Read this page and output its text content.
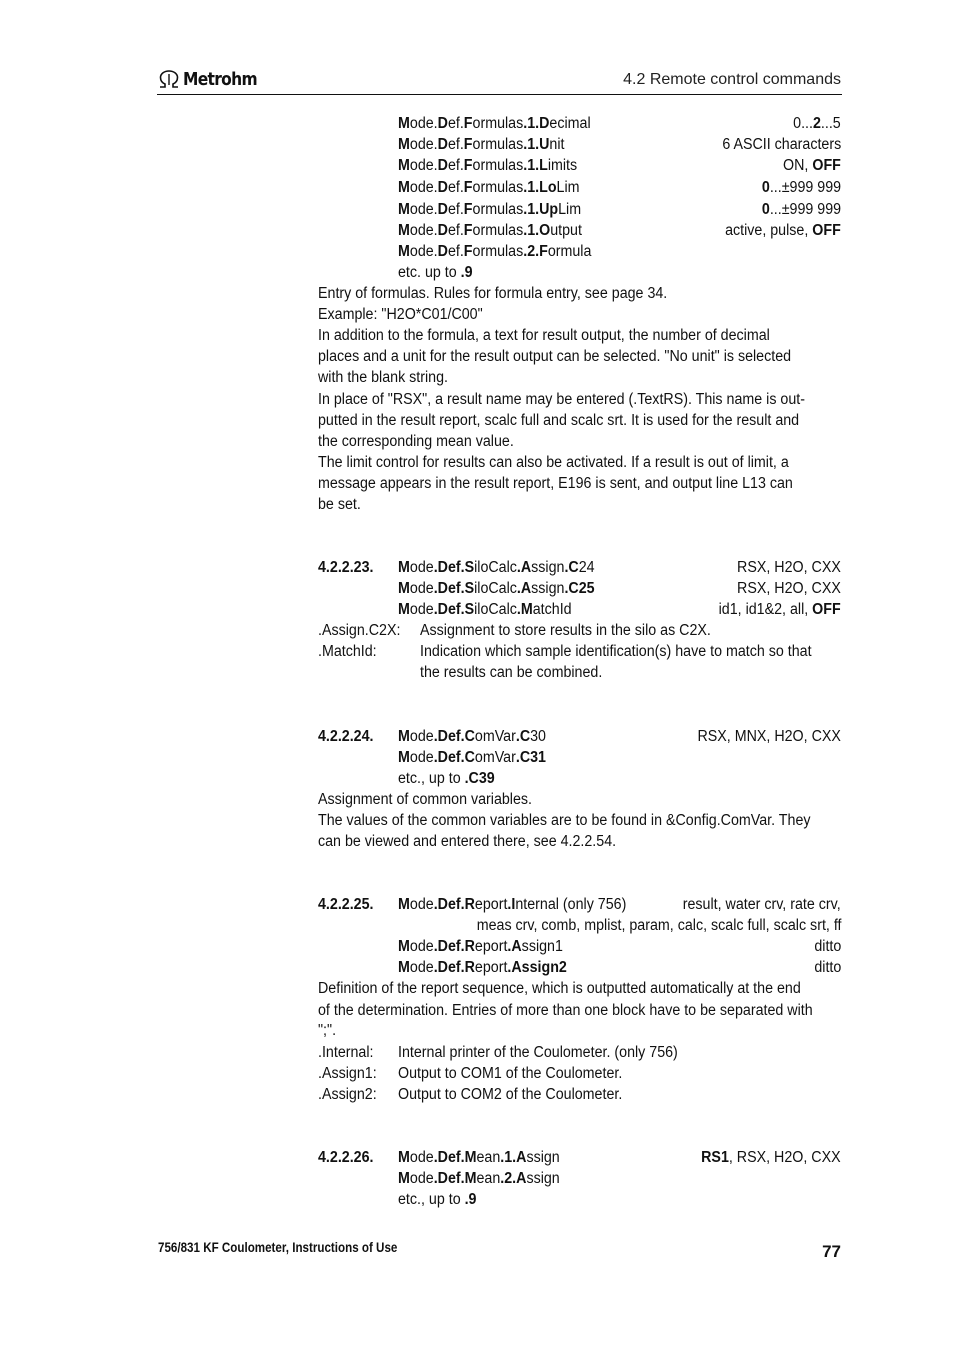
Metrohm	4.2 Remote control commands
Mode.Def.Formulas.1.Decimal	0...2...5
Mode.Def.Formulas.1.Unit	6 ASCII characters
Mode.Def.Formulas.1.Limits	ON, OFF
Mode.Def.Formulas.1.LoLim	0...±999 999
Mode.Def.Formulas.1.UpLim	0...±999 999
Mode.Def.Formulas.1.Output	active, pulse, OFF
Mode.Def.Formulas.2.Formula
etc. up to .9
Entry of formulas. Rules for formula entry, see page 34.
Example: "H2O*C01/C00"
In addition to the formula, a text for result output, the number of decimal
places and a unit for the result output can be selected. "No unit" is selected
with the blank string.
In place of "RSX", a result name may be entered (.TextRS). This name is out-
putted in the result report, scalc full and scalc srt. It is used for the result and
the corresponding mean value.
The limit control for results can also be activated. If a result is out of limit, a
message appears in the result report, E196 is sent, and output line L13 can
be set.
4.2.2.23. Mode.Def.SiloCalc.Assign.C24	RSX, H2O, CXX
Mode.Def.SiloCalc.Assign.C25	RSX, H2O, CXX
Mode.Def.SiloCalc.MatchId	id1, id1&2, all, OFF
.Assign.C2X: Assignment to store results in the silo as C2X.
.MatchId:	Indication which sample identification(s) have to match so that
the results can be combined.
4.2.2.24. Mode.Def.ComVar.C30	RSX, MNX, H2O, CXX
Mode.Def.ComVar.C31
etc., up to .C39
Assignment of common variables.
The values of the common variables are to be found in &Config.ComVar. They
can be viewed and entered there, see 4.2.2.54.
4.2.2.25. Mode.Def.Report.Internal (only 756)	result, water crv, rate crv,
meas crv, comb, mplist, param, calc, scalc full, scalc srt, ff
Mode.Def.Report.Assign1	ditto
Mode.Def.Report.Assign2	ditto
Definition of the report sequence, which is outputted automatically at the end
of the determination. Entries of more than one block have to be separated with
";".
.Internal: Internal printer of the Coulometer. (only 756)
.Assign1: Output to COM1 of the Coulometer.
.Assign2: Output to COM2 of the Coulometer.
4.2.2.26. Mode.Def.Mean.1.Assign	RS1, RSX, H2O, CXX
Mode.Def.Mean.2.Assign
etc., up to .9
756/831 KF Coulometer, Instructions of Use	77
